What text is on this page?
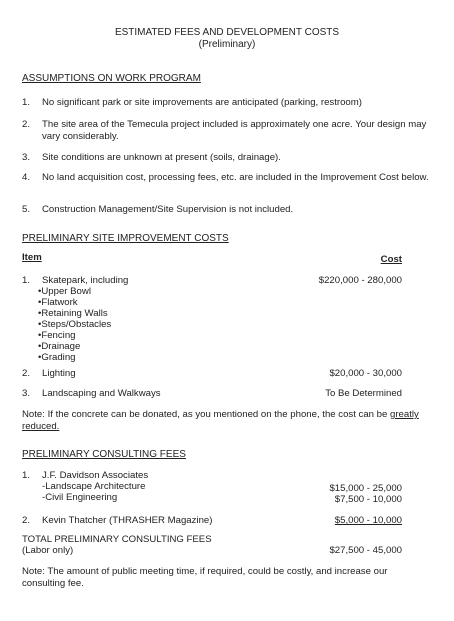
ESTIMATED FEES AND DEVELOPMENT COSTS
(Preliminary)
ASSUMPTIONS ON WORK PROGRAM
1. No significant park or site improvements are anticipated (parking, restroom)
2. The site area of the Temecula project included is approximately one acre. Your design may vary considerably.
3. Site conditions are unknown at present (soils, drainage).
4. No land acquisition cost, processing fees, etc. are included in the Improvement Cost below.
5. Construction Management/Site Supervision is not included.
PRELIMINARY SITE IMPROVEMENT COSTS
Item	Cost
1. Skatepark, including	$220,000 - 280,000
•Upper Bowl
•Flatwork
•Retaining Walls
•Steps/Obstacles
•Fencing
•Drainage
•Grading
2. Lighting	$20,000 - 30,000
3. Landscaping and Walkways	To Be Determined
Note: If the concrete can be donated, as you mentioned on the phone, the cost can be greatly reduced.
PRELIMINARY CONSULTING FEES
1. J.F. Davidson Associates
-Landscape Architecture	$15,000 - 25,000
-Civil Engineering	$7,500 - 10,000
2. Kevin Thatcher (THRASHER Magazine)	$5,000 - 10,000
TOTAL PRELIMINARY CONSULTING FEES
(Labor only)	$27,500 - 45,000
Note: The amount of public meeting time, if required, could be costly, and increase our consulting fee.
